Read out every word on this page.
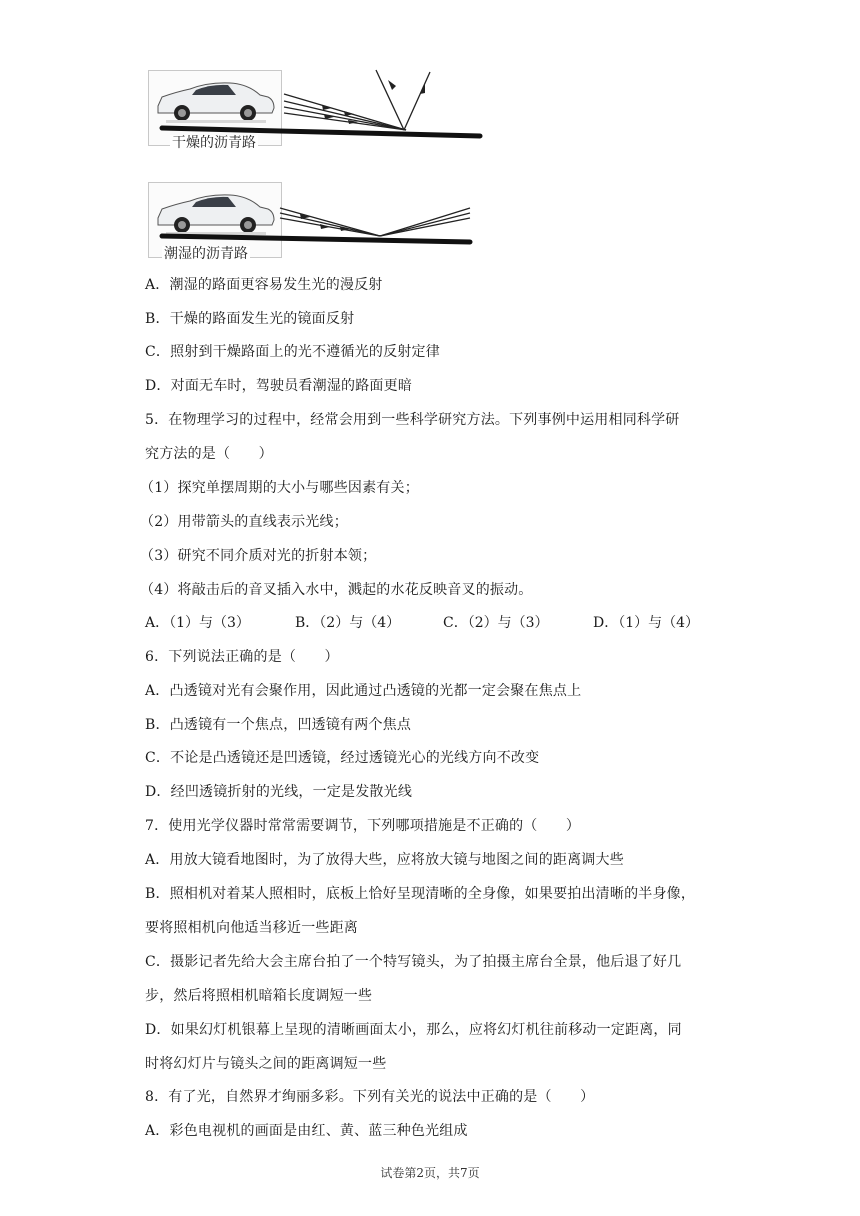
干燥的沥青路
潮湿的沥青路
A．潮湿的路面更容易发生光的漫反射
B．干燥的路面发生光的镜面反射
C．照射到干燥路面上的光不遵循光的反射定律
D．对面无车时，驾驶员看潮湿的路面更暗
5．在物理学习的过程中，经常会用到一些科学研究方法。下列事例中运用相同科学研
究方法的是（　　）
（1）探究单摆周期的大小与哪些因素有关；
（2）用带箭头的直线表示光线；
（3）研究不同介质对光的折射本领；
（4）将敲击后的音叉插入水中，溅起的水花反映音叉的振动。
A．（1）与（3）	B．（2）与（4）	C．（2）与（3）	D．（1）与（4）
6．下列说法正确的是（　　）
A．凸透镜对光有会聚作用，因此通过凸透镜的光都一定会聚在焦点上
B．凸透镜有一个焦点，凹透镜有两个焦点
C．不论是凸透镜还是凹透镜，经过透镜光心的光线方向不改变
D．经凹透镜折射的光线，一定是发散光线
7．使用光学仪器时常常需要调节，下列哪项措施是不正确的（　　）
A．用放大镜看地图时，为了放得大些，应将放大镜与地图之间的距离调大些
B．照相机对着某人照相时，底板上恰好呈现清晰的全身像，如果要拍出清晰的半身像，
要将照相机向他适当移近一些距离
C．摄影记者先给大会主席台拍了一个特写镜头，为了拍摄主席台全景，他后退了好几
步，然后将照相机暗箱长度调短一些
D．如果幻灯机银幕上呈现的清晰画面太小，那么，应将幻灯机往前移动一定距离，同
时将幻灯片与镜头之间的距离调短一些
8．有了光，自然界才绚丽多彩。下列有关光的说法中正确的是（　　）
A．彩色电视机的画面是由红、黄、蓝三种色光组成
试卷第2页，共7页
